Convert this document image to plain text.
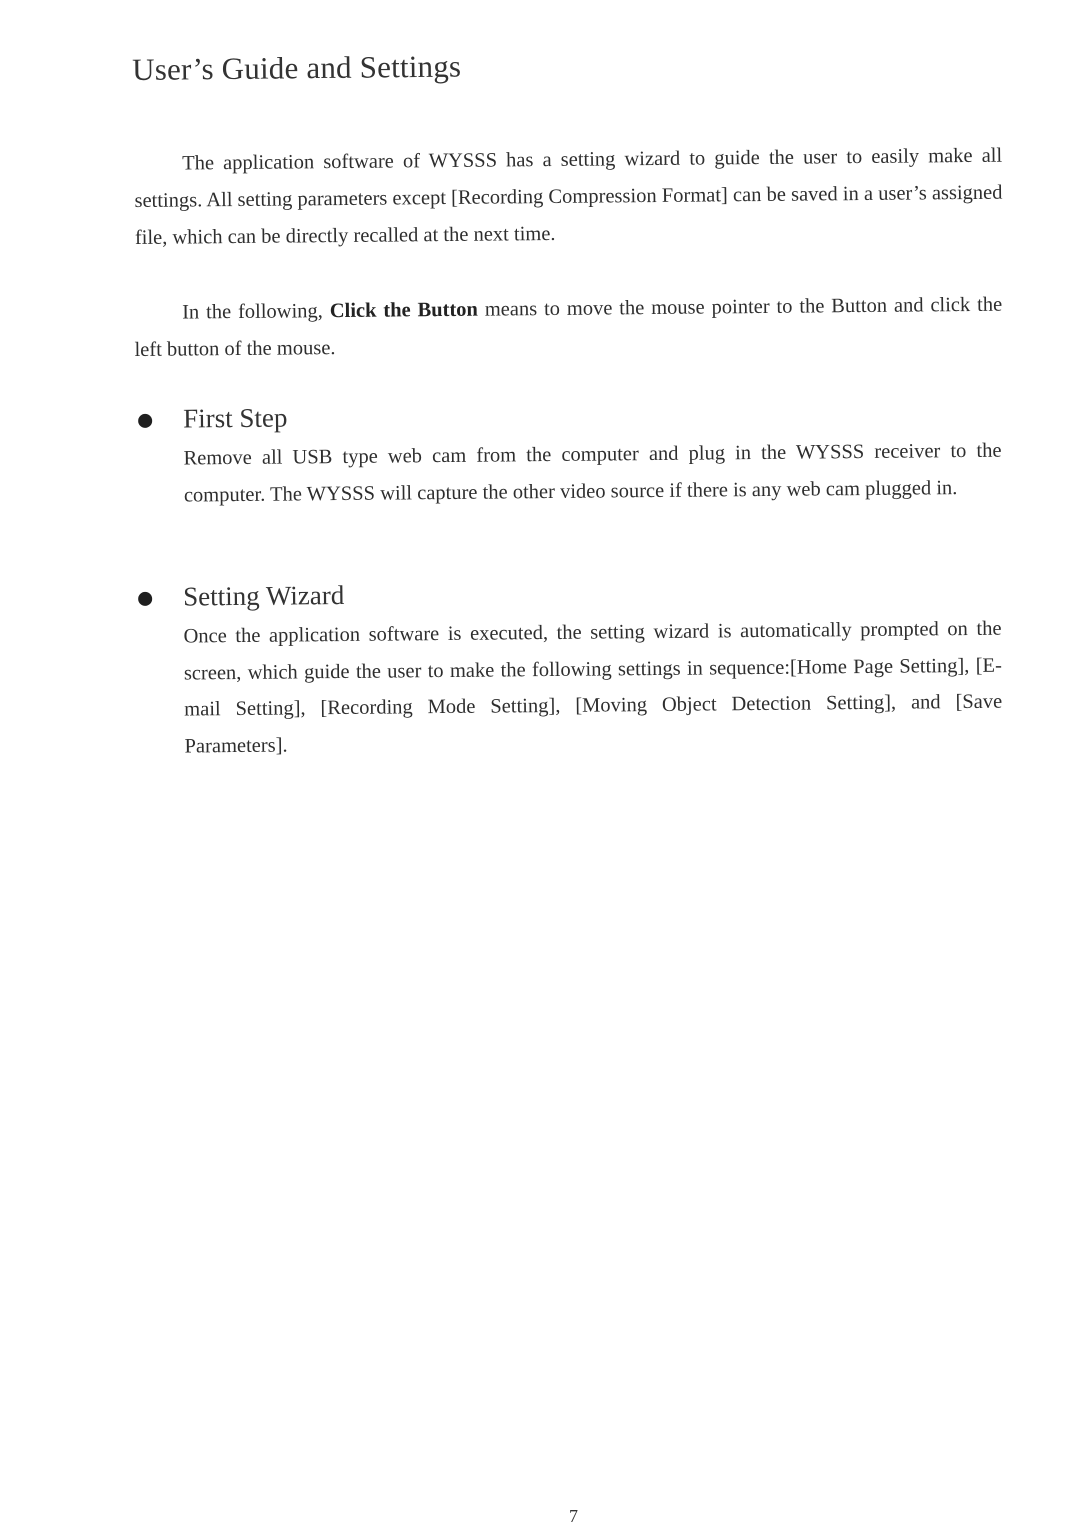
User’s Guide and Settings
The application software of WYSSS has a setting wizard to guide the user to easily make all settings. All setting parameters except [Recording Compression Format] can be saved in a user’s assigned file, which can be directly recalled at the next time.
In the following, Click the Button means to move the mouse pointer to the Button and click the left button of the mouse.
First Step
Remove all USB type web cam from the computer and plug in the WYSSS receiver to the computer. The WYSSS will capture the other video source if there is any web cam plugged in.
Setting Wizard
Once the application software is executed, the setting wizard is automatically prompted on the screen, which guide the user to make the following settings in sequence:[Home Page Setting], [E-mail Setting], [Recording Mode Setting], [Moving Object Detection Setting], and [Save Parameters].
7
